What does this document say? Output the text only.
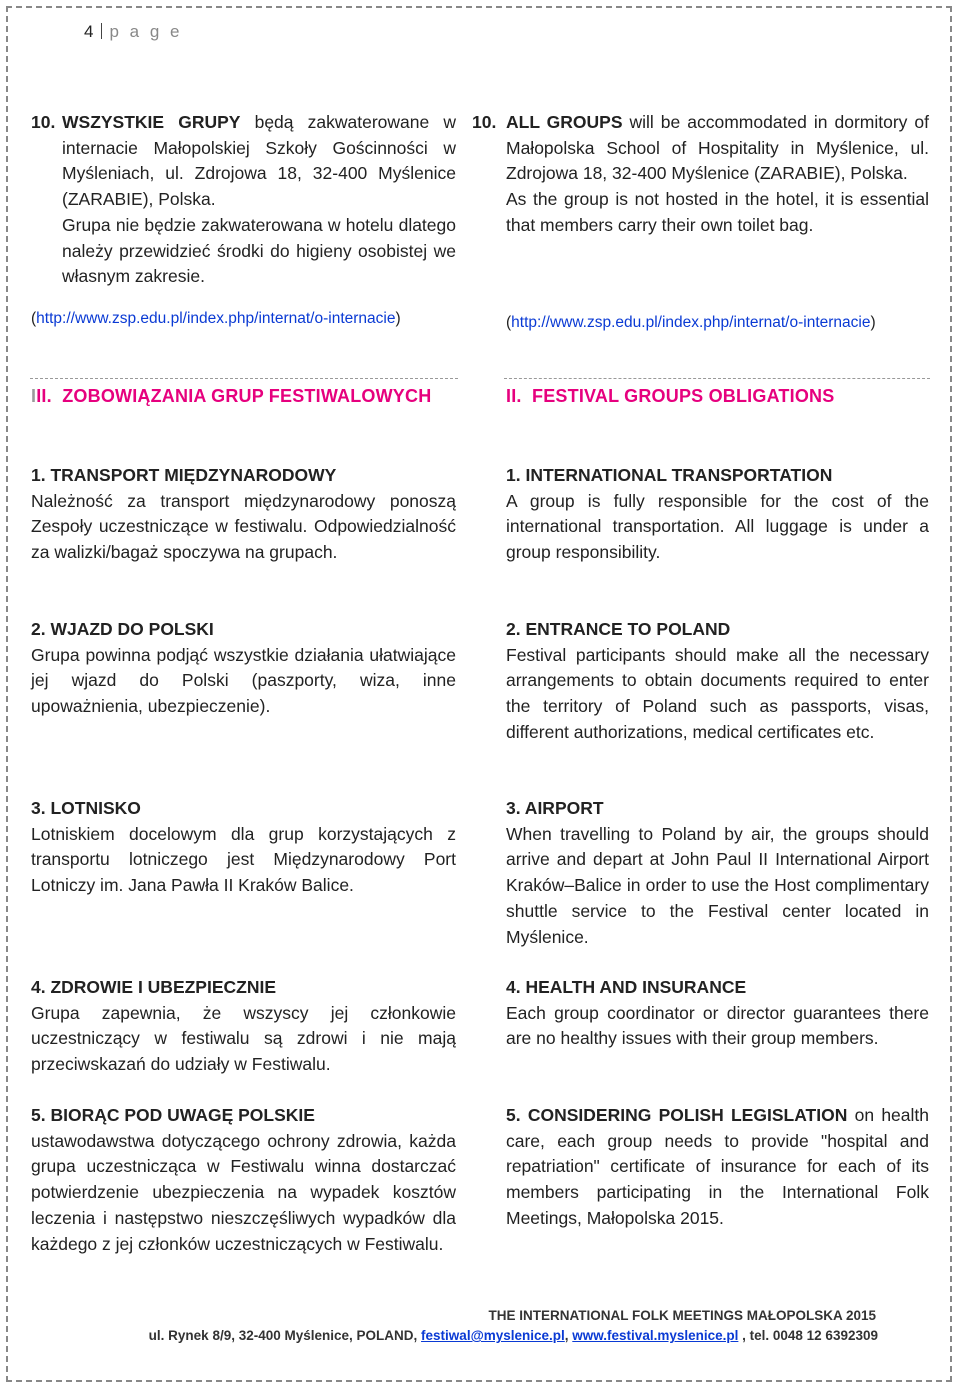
4 p a g e
10. WSZYSTKIE GRUPY będą zakwaterowane w internacie Małopolskiej Szkoły Gościnności w Myśleniach, ul. Zdrojowa 18, 32-400 Myślenice (ZARABIE), Polska.
Grupa nie będzie zakwaterowana w hotelu dlatego należy przewidzieć środki do higieny osobistej we własnym zakresie.
(http://www.zsp.edu.pl/index.php/internat/o-internacie)
10. ALL GROUPS will be accommodated in dormitory of Małopolska School of Hospitality in Myślenice, ul. Zdrojowa 18, 32-400 Myślenice (ZARABIE), Polska.
As the group is not hosted in the hotel, it is essential that members carry their own toilet bag.
(http://www.zsp.edu.pl/index.php/internat/o-internacie)
III. ZOBOWIĄZANIA GRUP FESTIWALOWYCH	II. FESTIVAL GROUPS OBLIGATIONS
1. TRANSPORT MIĘDZYNARODOWY
Należność za transport międzynarodowy ponoszą Zespoły uczestniczące w festiwalu. Odpowiedzialność za walizki/bagaż spoczywa na grupach.
1. INTERNATIONAL TRANSPORTATION
A group is fully responsible for the cost of the international transportation. All luggage is under a group responsibility.
2. WJAZD DO POLSKI
Grupa powinna podjąć wszystkie działania ułatwiające jej wjazd do Polski (paszporty, wiza, inne upoważnienia, ubezpieczenie).
2. ENTRANCE TO POLAND
Festival participants should make all the necessary arrangements to obtain documents required to enter the territory of Poland such as passports, visas, different authorizations, medical certificates etc.
3. LOTNISKO
Lotniskiem docelowym dla grup korzystających z transportu lotniczego jest Międzynarodowy Port Lotniczy im. Jana Pawła II Kraków Balice.
3. AIRPORT
When travelling to Poland by air, the groups should arrive and depart at John Paul II International Airport Kraków–Balice in order to use the Host complimentary shuttle service to the Festival center located in Myślenice.
4. ZDROWIE I UBEZPIECZNIE
Grupa zapewnia, że wszyscy jej członkowie uczestniczący w festiwalu są zdrowi i nie mają przeciwskazań do udziały w Festiwalu.
4. HEALTH AND INSURANCE
Each group coordinator or director guarantees there are no healthy issues with their group members.
5. BIORĄC POD UWAGĘ POLSKIE
ustawodawstwa dotyczącego ochrony zdrowia, każda grupa uczestnicząca w Festiwalu winna dostarczać potwierdzenie ubezpieczenia na wypadek kosztów leczenia i następstwo nieszczęśliwych wypadków dla każdego z jej członków uczestniczących w Festiwalu.
5. CONSIDERING POLISH LEGISLATION on health care, each group needs to provide "hospital and repatriation" certificate of insurance for each of its members participating in the International Folk Meetings, Małopolska 2015.
THE INTERNATIONAL FOLK MEETINGS MAŁOPOLSKA 2015
ul. Rynek 8/9, 32-400 Myślenice, POLAND, festiwal@myslenice.pl, www.festival.myslenice.pl , tel. 0048 12 6392309
